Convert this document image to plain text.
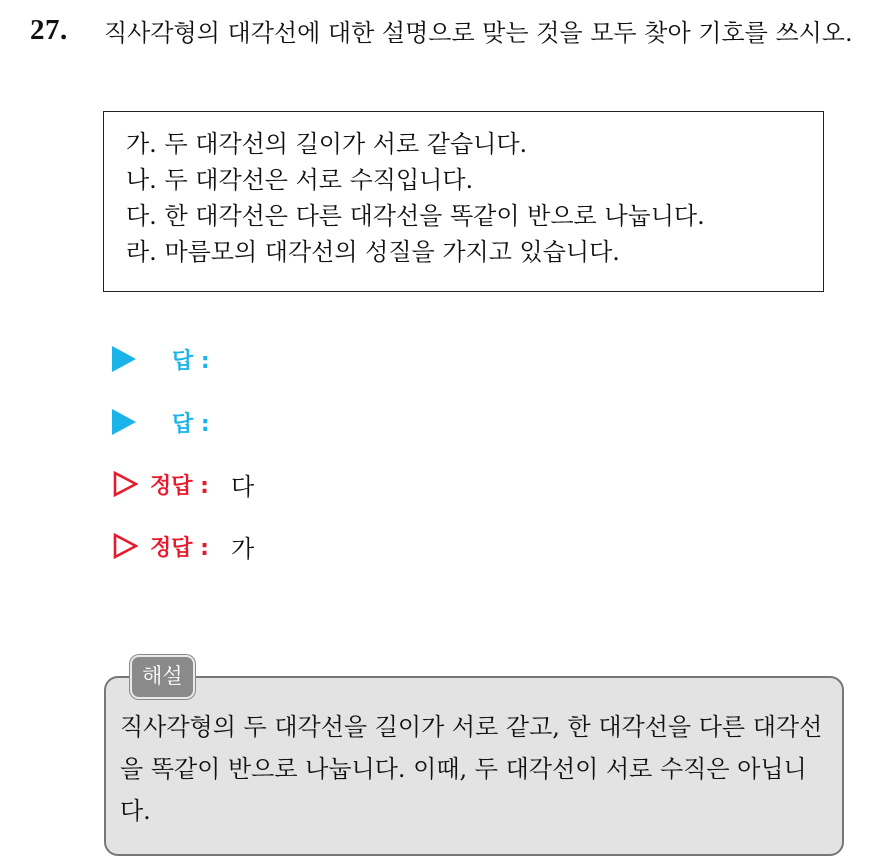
27. 직사각형의 대각선에 대한 설명으로 맞는 것을 모두 찾아 기호를 쓰시오.
가. 두 대각선의 길이가 서로 같습니다.
나. 두 대각선은 서로 수직입니다.
다. 한 대각선은 다른 대각선을 똑같이 반으로 나눕니다.
라. 마름모의 대각선의 성질을 가지고 있습니다.
답 :
답 :
정답 : 다
정답 : 가
해설
직사각형의 두 대각선을 길이가 서로 같고, 한 대각선을 다른 대각선을 똑같이 반으로 나눕니다. 이때, 두 대각선이 서로 수직은 아닙니다.
